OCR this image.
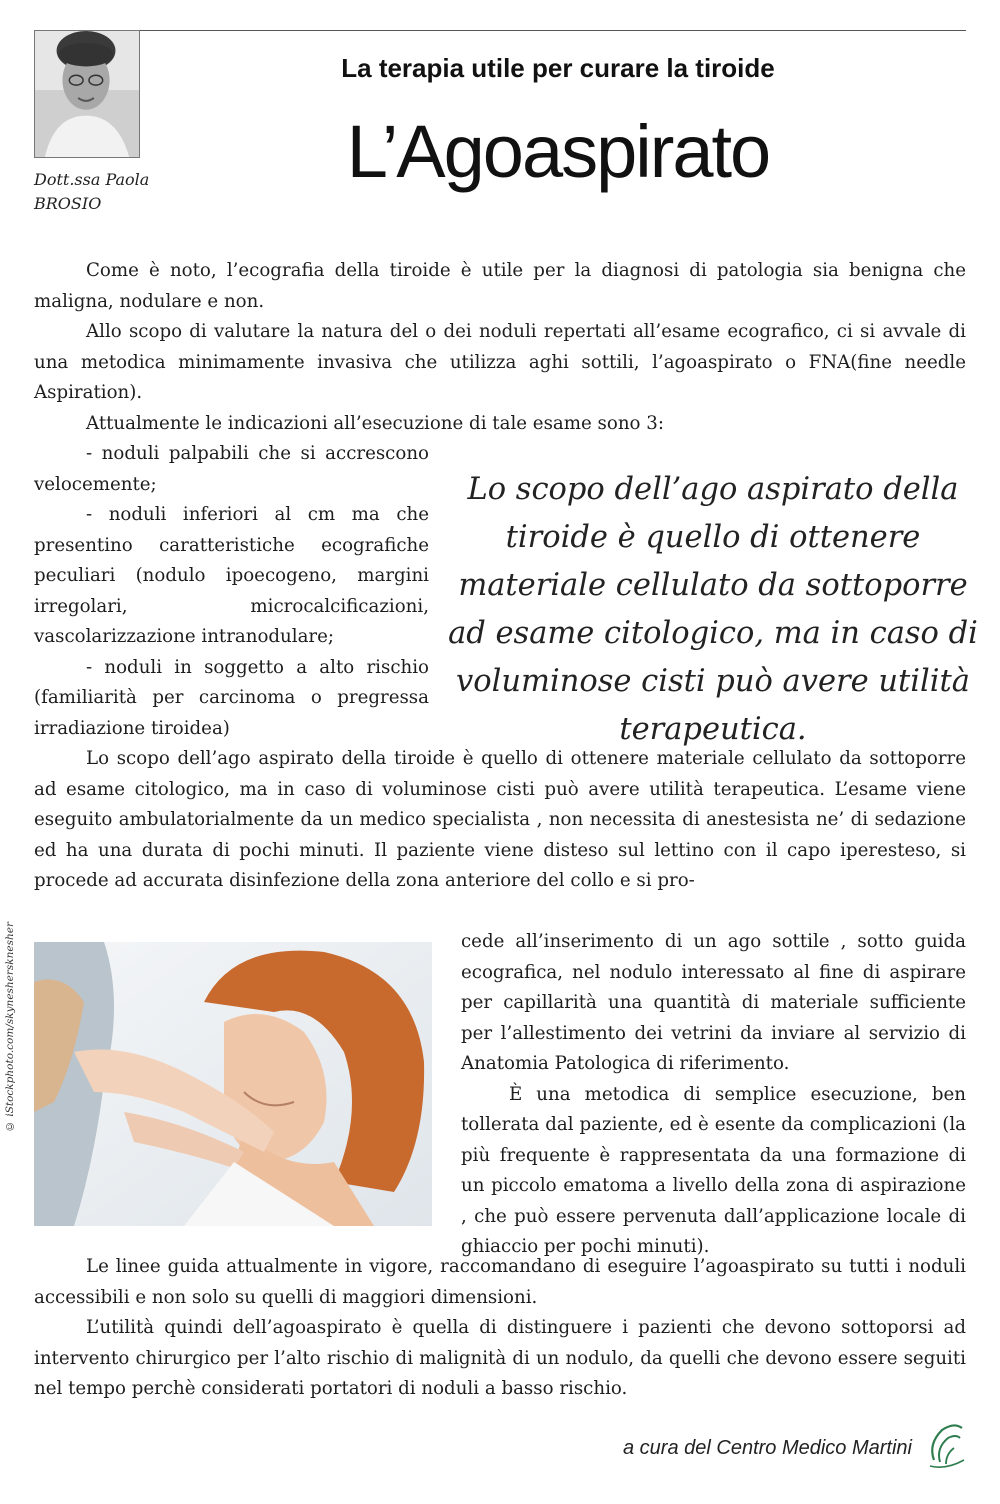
Dott.ssa Paola
BROSIO
La terapia utile per curare la tiroide
L’Agoaspirato

Come è noto, l’ecografia della tiroide è utile per la diagnosi di patologia sia benigna che maligna, nodulare e non.

Allo scopo di valutare la natura del o dei noduli repertati all’esame ecografico, ci si avvale di una metodica minimamente invasiva che utilizza aghi sottili, l’agoaspirato o FNA(fine needle Aspiration).

Attualmente le indicazioni all’esecuzione di tale esame sono 3:

- noduli palpabili che si accrescono velocemente;

- noduli inferiori al cm ma che presentino caratteristiche ecografiche peculiari (nodulo ipoecogeno, margini irregolari, microcalcificazioni, vascolarizzazione intranodulare;

- noduli in soggetto a alto rischio (familiarità per carcinoma o pregressa irradiazione tiroidea)

Lo scopo dell’ago aspirato della tiroide è quello di ottenere materiale cellulato da sottoporre ad esame citologico, ma in caso di voluminose cisti può avere utilità terapeutica.

Lo scopo dell’ago aspirato della tiroide è quello di ottenere materiale cellulato da sottoporre ad esame citologico, ma in caso di voluminose cisti può avere utilità terapeutica. L’esame viene eseguito ambulatorialmente da un medico specialista , non necessita di anestesista ne’ di sedazione ed ha una durata di pochi minuti. Il paziente viene disteso sul lettino con il capo iperesteso, si procede ad accurata disinfezione della zona anteriore del collo e si pro-

© iStockphoto.com/skyneshersknesher	cede all’inserimento di un ago sottile , sotto guida ecografica, nel nodulo interessato al fine di aspirare per capillarità una quantità di materiale sufficiente per l’allestimento dei vetrini da inviare al servizio di Anatomia Patologica di riferimento.

È una metodica di semplice esecuzione, ben tollerata dal paziente, ed è esente da complicazioni (la più frequente è rappresentata da una formazione di un piccolo ematoma a livello della zona di aspirazione , che può essere pervenuta dall’applicazione locale di ghiaccio per pochi minuti).

Le linee guida attualmente in vigore, raccomandano di eseguire l’agoaspirato su tutti i noduli accessibili e non solo su quelli di maggiori dimensioni.

L’utilità quindi dell’agoaspirato è quella di distinguere i pazienti che devono sottoporsi ad intervento chirurgico per l’alto rischio di malignità di un nodulo, da quelli che devono essere seguiti nel tempo perchè considerati portatori di noduli a basso rischio.

a cura del Centro Medico Martini
